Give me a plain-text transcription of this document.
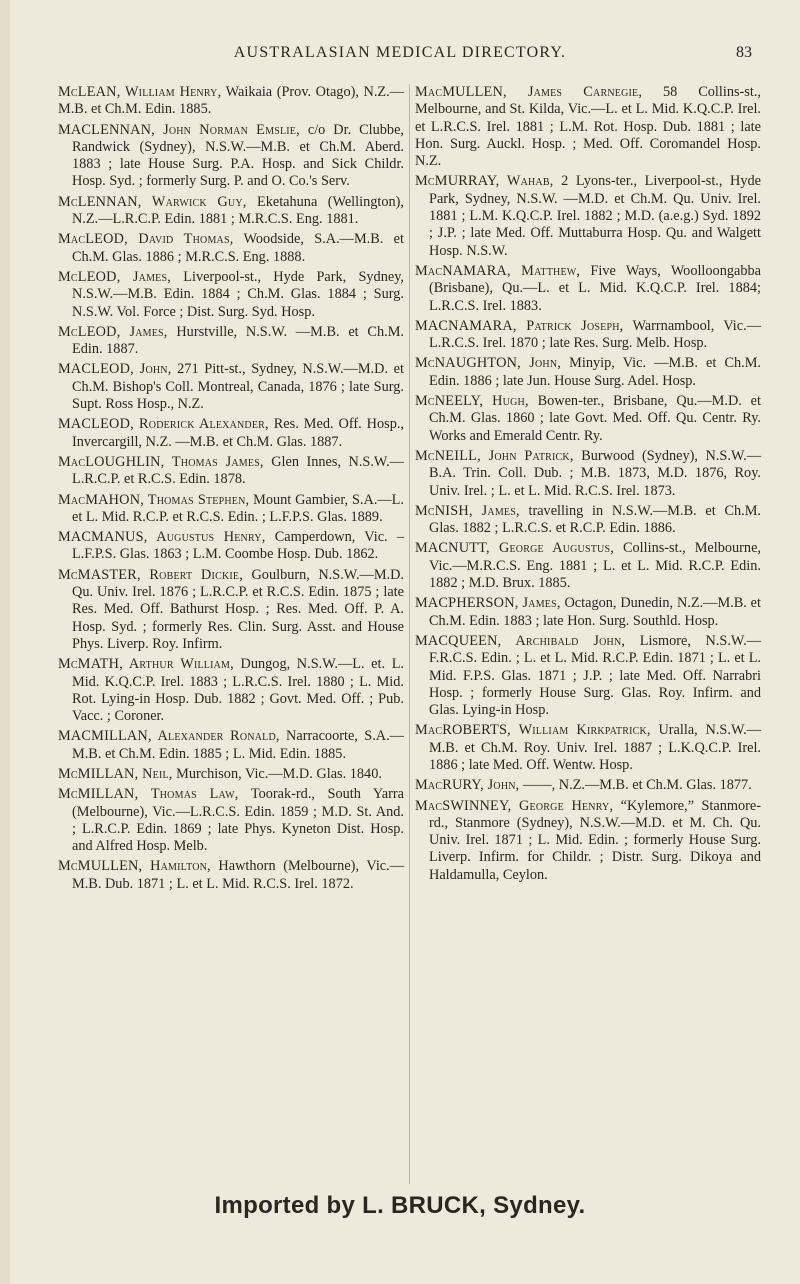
AUSTRALASIAN MEDICAL DIRECTORY.	83

McLEAN, William Henry, Waikaia (Prov. Otago), N.Z.—M.B. et Ch.M. Edin. 1885.

MACLENNAN, John Norman Emslie, c/o Dr. Clubbe, Randwick (Sydney), N.S.W.—M.B. et Ch.M. Aberd. 1883 ; late House Surg. P.A. Hosp. and Sick Childr. Hosp. Syd. ; formerly Surg. P. and O. Co.'s Serv.

McLENNAN, Warwick Guy, Eketahuna (Wellington), N.Z.—L.R.C.P. Edin. 1881 ; M.R.C.S. Eng. 1881.

MacLEOD, David Thomas, Woodside, S.A.—M.B. et Ch.M. Glas. 1886 ; M.R.C.S. Eng. 1888.

McLEOD, James, Liverpool-st., Hyde Park, Sydney, N.S.W.—M.B. Edin. 1884 ; Ch.M. Glas. 1884 ; Surg. N.S.W. Vol. Force ; Dist. Surg. Syd. Hosp.

McLEOD, James, Hurstville, N.S.W. —M.B. et Ch.M. Edin. 1887.

MACLEOD, John, 271 Pitt-st., Sydney, N.S.W.—M.D. et Ch.M. Bishop's Coll. Montreal, Canada, 1876 ; late Surg. Supt. Ross Hosp., N.Z.

MACLEOD, Roderick Alexander, Res. Med. Off. Hosp., Invercargill, N.Z. —M.B. et Ch.M. Glas. 1887.

MacLOUGHLIN, Thomas James, Glen Innes, N.S.W.—L.R.C.P. et R.C.S. Edin. 1878.

MacMAHON, Thomas Stephen, Mount Gambier, S.A.—L. et L. Mid. R.C.P. et R.C.S. Edin. ; L.F.P.S. Glas. 1889.

MACMANUS, Augustus Henry, Camperdown, Vic. – L.F.P.S. Glas. 1863 ; L.M. Coombe Hosp. Dub. 1862.

McMASTER, Robert Dickie, Goulburn, N.S.W.—M.D. Qu. Univ. Irel. 1876 ; L.R.C.P. et R.C.S. Edin. 1875 ; late Res. Med. Off. Bathurst Hosp. ; Res. Med. Off. P. A. Hosp. Syd. ; formerly Res. Clin. Surg. Asst. and House Phys. Liverp. Roy. Infirm.

McMATH, Arthur William, Dungog, N.S.W.—L. et. L. Mid. K.Q.C.P. Irel. 1883 ; L.R.C.S. Irel. 1880 ; L. Mid. Rot. Lying-in Hosp. Dub. 1882 ; Govt. Med. Off. ; Pub. Vacc. ; Coroner.

MACMILLAN, Alexander Ronald, Narracoorte, S.A.—M.B. et Ch.M. Edin. 1885 ; L. Mid. Edin. 1885.

McMILLAN, Neil, Murchison, Vic.—M.D. Glas. 1840.

McMILLAN, Thomas Law, Toorak-rd., South Yarra (Melbourne), Vic.—L.R.C.S. Edin. 1859 ; M.D. St. And. ; L.R.C.P. Edin. 1869 ; late Phys. Kyneton Dist. Hosp. and Alfred Hosp. Melb.

McMULLEN, Hamilton, Hawthorn (Melbourne), Vic.—M.B. Dub. 1871 ; L. et L. Mid. R.C.S. Irel. 1872.

MacMULLEN, James Carnegie, 58 Collins-st., Melbourne, and St. Kilda, Vic.—L. et L. Mid. K.Q.C.P. Irel. et L.R.C.S. Irel. 1881 ; L.M. Rot. Hosp. Dub. 1881 ; late Hon. Surg. Auckl. Hosp. ; Med. Off. Coromandel Hosp. N.Z.

McMURRAY, Wahab, 2 Lyons-ter., Liverpool-st., Hyde Park, Sydney, N.S.W. —M.D. et Ch.M. Qu. Univ. Irel. 1881 ; L.M. K.Q.C.P. Irel. 1882 ; M.D. (a.e.g.) Syd. 1892 ; J.P. ; late Med. Off. Muttaburra Hosp. Qu. and Walgett Hosp. N.S.W.

MacNAMARA, Matthew, Five Ways, Woolloongabba (Brisbane), Qu.—L. et L. Mid. K.Q.C.P. Irel. 1884; L.R.C.S. Irel. 1883.

MACNAMARA, Patrick Joseph, Warrnambool, Vic.—L.R.C.S. Irel. 1870 ; late Res. Surg. Melb. Hosp.

McNAUGHTON, John, Minyip, Vic. —M.B. et Ch.M. Edin. 1886 ; late Jun. House Surg. Adel. Hosp.

McNEELY, Hugh, Bowen-ter., Brisbane, Qu.—M.D. et Ch.M. Glas. 1860 ; late Govt. Med. Off. Qu. Centr. Ry. Works and Emerald Centr. Ry.

McNEILL, John Patrick, Burwood (Sydney), N.S.W.—B.A. Trin. Coll. Dub. ; M.B. 1873, M.D. 1876, Roy. Univ. Irel. ; L. et L. Mid. R.C.S. Irel. 1873.

McNISH, James, travelling in N.S.W.—M.B. et Ch.M. Glas. 1882 ; L.R.C.S. et R.C.P. Edin. 1886.

MACNUTT, George Augustus, Collins-st., Melbourne, Vic.—M.R.C.S. Eng. 1881 ; L. et L. Mid. R.C.P. Edin. 1882 ; M.D. Brux. 1885.

MACPHERSON, James, Octagon, Dunedin, N.Z.—M.B. et Ch.M. Edin. 1883 ; late Hon. Surg. Southld. Hosp.

MACQUEEN, Archibald John, Lismore, N.S.W.—F.R.C.S. Edin. ; L. et L. Mid. R.C.P. Edin. 1871 ; L. et L. Mid. F.P.S. Glas. 1871 ; J.P. ; late Med. Off. Narrabri Hosp. ; formerly House Surg. Glas. Roy. Infirm. and Glas. Lying-in Hosp.

MacROBERTS, William Kirkpatrick, Uralla, N.S.W.—M.B. et Ch.M. Roy. Univ. Irel. 1887 ; L.K.Q.C.P. Irel. 1886 ; late Med. Off. Wentw. Hosp.

MacRURY, John, ——, N.Z.—M.B. et Ch.M. Glas. 1877.

MacSWINNEY, George Henry, “Kylemore,” Stanmore-rd., Stanmore (Sydney), N.S.W.—M.D. et M. Ch. Qu. Univ. Irel. 1871 ; L. Mid. Edin. ; formerly House Surg. Liverp. Infirm. for Childr. ; Distr. Surg. Dikoya and Haldamulla, Ceylon.

Imported by L. BRUCK, Sydney.
